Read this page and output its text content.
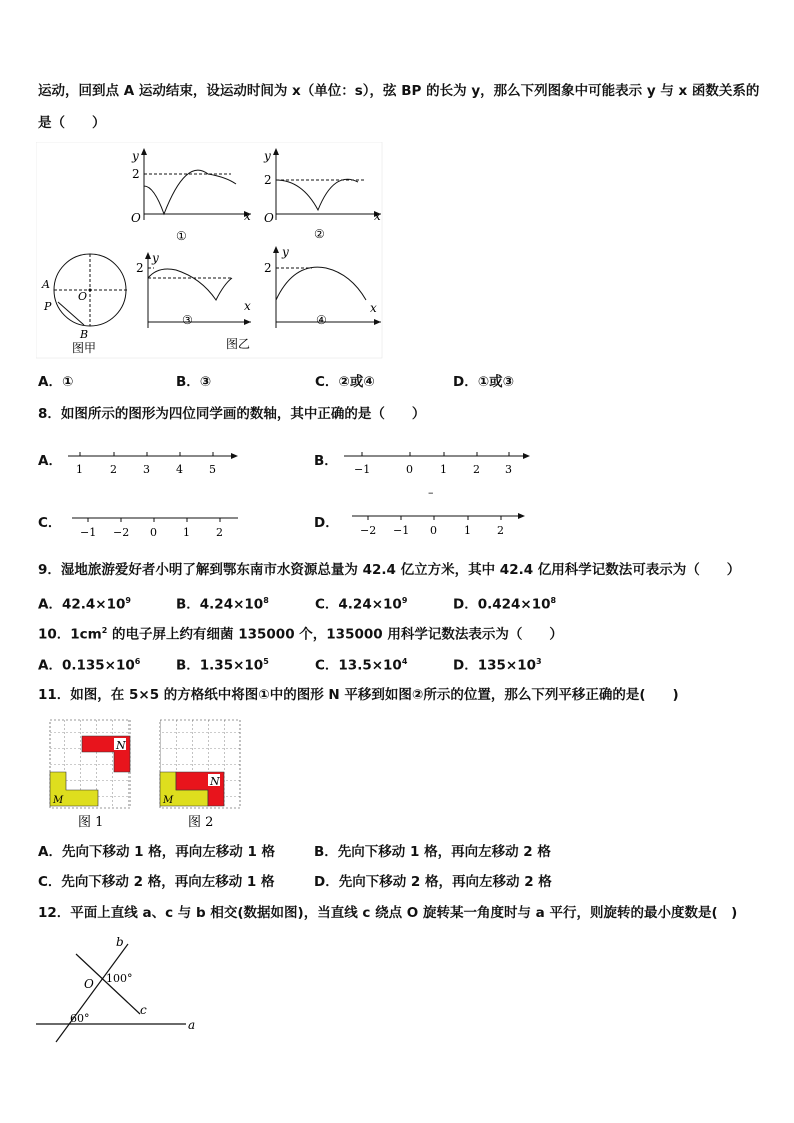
运动，回到点 A 运动结束，设运动时间为 x（单位：s），弦 BP 的长为 y，那么下列图象中可能表示 y 与 x 函数关系的
是（　　）
2
y
x
O
①
2
y
x
O
②
A
P
O
B
图甲
2
y
x
③
2
y
x
④
图乙
A．①	B．③	C．②或④	D．①或③
8．如图所示的图形为四位同学画的数轴，其中正确的是（　　）
A．
1 2 3 4 5
B．
−1	0 1 2 3
–
C．
−1 −2 0 1 2
D． −2 −1 0 1 2
9．湿地旅游爱好者小明了解到鄂东南市水资源总量为 42.4 亿立方米，其中 42.4 亿用科学记数法可表示为（　　）
A．$42.4\times 10^9$	B．$4.24\times 10^8$	C．$4.24\times 10^9$	D．$0.424\times 10^8$
10．$1cm^2$ 的电子屏上约有细菌 135000 个，135000 用科学记数法表示为（　　）
A．$0.135\times 10^6$	B．$1.35\times 10^5$	C．$13.5\times 10^4$	D．$135\times 10^3$
11．如图，在 5×5 的方格纸中将图①中的图形 N 平移到如图②所示的位置，那么下列平移正确的是(　　)
N
M
图 1
N
M
图 2
A．先向下移动 1 格，再向左移动 1 格	B．先向下移动 1 格，再向左移动 2 格
C．先向下移动 2 格，再向左移动 1 格	D．先向下移动 2 格，再向左移动 2 格
12．平面上直线 a、c 与 b 相交(数据如图)，当直线 c 绕点 O 旋转某一角度时与 a 平行，则旋转的最小度数是(　)
b
O 100°
c
60°	a
